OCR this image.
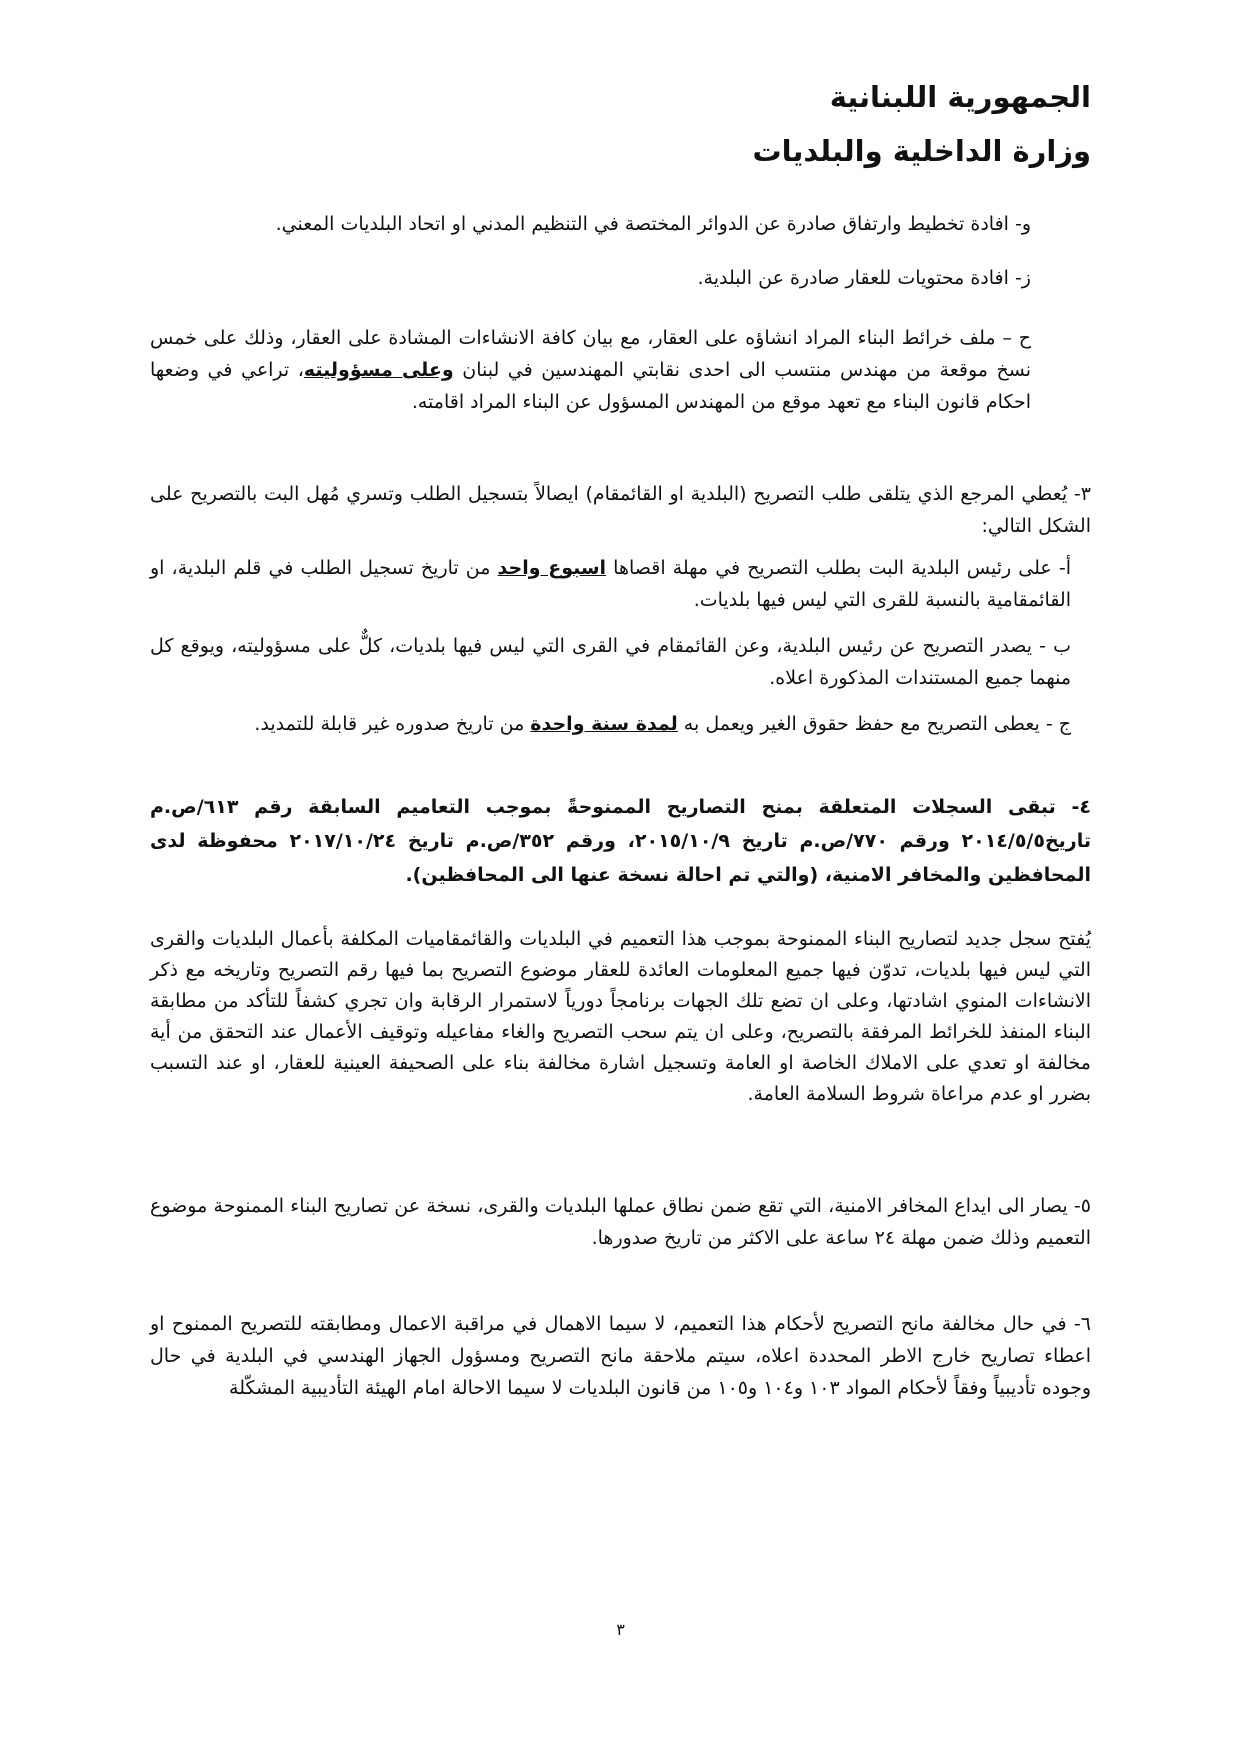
الجمهورية اللبنانية
وزارة الداخلية والبلديات

و- افادة تخطيط وارتفاق صادرة عن الدوائر المختصة في التنظيم المدني او اتحاد البلديات المعني.

ز- افادة محتويات للعقار صادرة عن البلدية.

ح – ملف خرائط البناء المراد انشاؤه على العقار، مع بيان كافة الانشاءات المشادة على العقار، وذلك على خمس نسخ موقعة من مهندس منتسب الى احدى نقابتي المهندسين في لبنان وعلى مسؤوليته، تراعي في وضعها احكام قانون البناء مع تعهد موقع من المهندس المسؤول عن البناء المراد اقامته.

٣- يُعطي المرجع الذي يتلقى طلب التصريح (البلدية او القائمقام) ايصالاً بتسجيل الطلب وتسري مُهل البت بالتصريح على الشكل التالي:

أ- على رئيس البلدية البت بطلب التصريح في مهلة اقصاها اسبوع واحد من تاريخ تسجيل الطلب في قلم البلدية، او القائمقامية بالنسبة للقرى التي ليس فيها بلديات.

ب - يصدر التصريح عن رئيس البلدية، وعن القائمقام في القرى التي ليس فيها بلديات، كلٌّ على مسؤوليته، ويوقع كل منهما جميع المستندات المذكورة اعلاه.

ج - يعطى التصريح مع حفظ حقوق الغير ويعمل به لمدة سنة واحدة من تاريخ صدوره غير قابلة للتمديد.

٤- تبقى السجلات المتعلقة بمنح التصاريح الممنوحةً بموجب التعاميم السابقة رقم ٦١٣/ص.م تاريخ٢٠١٤/٥/٥ ورقم ٧٧٠/ص.م تاريخ ٢٠١٥/١٠/٩، ورقم ٣٥٢/ص.م تاريخ ٢٠١٧/١٠/٢٤ محفوظة لدى المحافظين والمخافر الامنية، (والتي تم احالة نسخة عنها الى المحافظين).

يُفتح سجل جديد لتصاريح البناء الممنوحة بموجب هذا التعميم في البلديات والقائمقاميات المكلفة بأعمال البلديات والقرى التي ليس فيها بلديات، تدوّن فيها جميع المعلومات العائدة للعقار موضوع التصريح بما فيها رقم التصريح وتاريخه مع ذكر الانشاءات المنوي اشادتها، وعلى ان تضع تلك الجهات برنامجاً دورياً لاستمرار الرقابة وان تجري كشفاً للتأكد من مطابقة البناء المنفذ للخرائط المرفقة بالتصريح، وعلى ان يتم سحب التصريح والغاء مفاعيله وتوقيف الأعمال عند التحقق من أية مخالفة او تعدي على الاملاك الخاصة او العامة وتسجيل اشارة مخالفة بناء على الصحيفة العينية للعقار، او عند التسبب بضرر او عدم مراعاة شروط السلامة العامة.

٥- يصار الى ايداع المخافر الامنية، التي تقع ضمن نطاق عملها البلديات والقرى، نسخة عن تصاريح البناء الممنوحة موضوع التعميم وذلك ضمن مهلة ٢٤ ساعة على الاكثر من تاريخ صدورها.

٦- في حال مخالفة مانح التصريح لأحكام هذا التعميم، لا سيما الاهمال في مراقبة الاعمال ومطابقته للتصريح الممنوح او اعطاء تصاريح خارج الاطر المحددة اعلاه، سيتم ملاحقة مانح التصريح ومسؤول الجهاز الهندسي في البلدية في حال وجوده تأديبياً وفقاً لأحكام المواد ١٠٣ و١٠٤ و١٠٥ من قانون البلديات لا سيما الاحالة امام الهيئة التأديبية المشكّلة

٣
